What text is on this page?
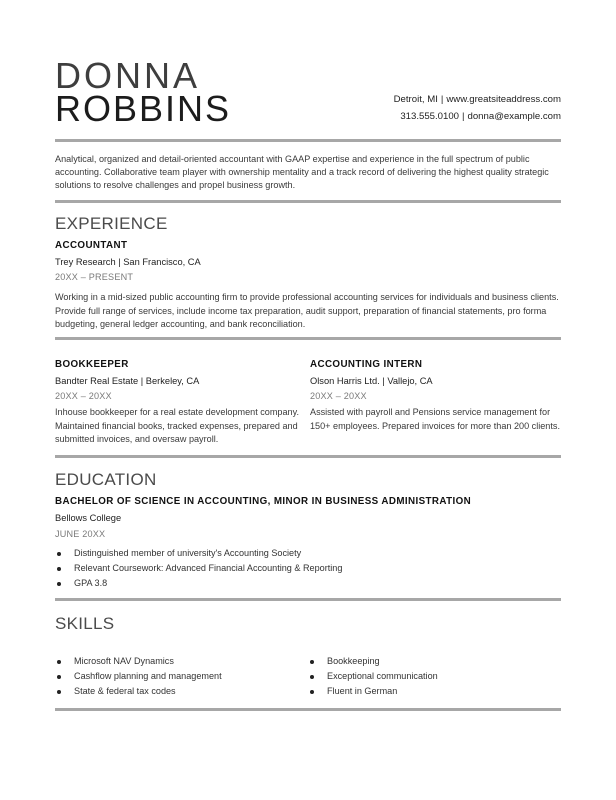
DONNA
ROBBINS	Detroit, MI | www.greatsiteaddress.com
313.555.0100 | donna@example.com
Analytical, organized and detail-oriented accountant with GAAP expertise and experience in the full spectrum of public accounting. Collaborative team player with ownership mentality and a track record of delivering the highest quality strategic solutions to resolve challenges and propel business growth.
EXPERIENCE
ACCOUNTANT
Trey Research | San Francisco, CA
20XX – PRESENT
Working in a mid-sized public accounting firm to provide professional accounting services for individuals and business clients. Provide full range of services, include income tax preparation, audit support, preparation of financial statements, pro forma budgeting, general ledger accounting, and bank reconciliation.
BOOKKEEPER
Bandter Real Estate | Berkeley, CA
20XX – 20XX
Inhouse bookkeeper for a real estate development company. Maintained financial books, tracked expenses, prepared and submitted invoices, and oversaw payroll.
ACCOUNTING INTERN
Olson Harris Ltd. | Vallejo, CA
20XX – 20XX
Assisted with payroll and Pensions service management for 150+ employees. Prepared invoices for more than 200 clients.
EDUCATION
BACHELOR OF SCIENCE IN ACCOUNTING, MINOR IN BUSINESS ADMINISTRATION
Bellows College
JUNE 20XX
Distinguished member of university's Accounting Society
Relevant Coursework: Advanced Financial Accounting & Reporting
GPA 3.8
SKILLS
Microsoft NAV Dynamics
Cashflow planning and management
State & federal tax codes
Bookkeeping
Exceptional communication
Fluent in German
